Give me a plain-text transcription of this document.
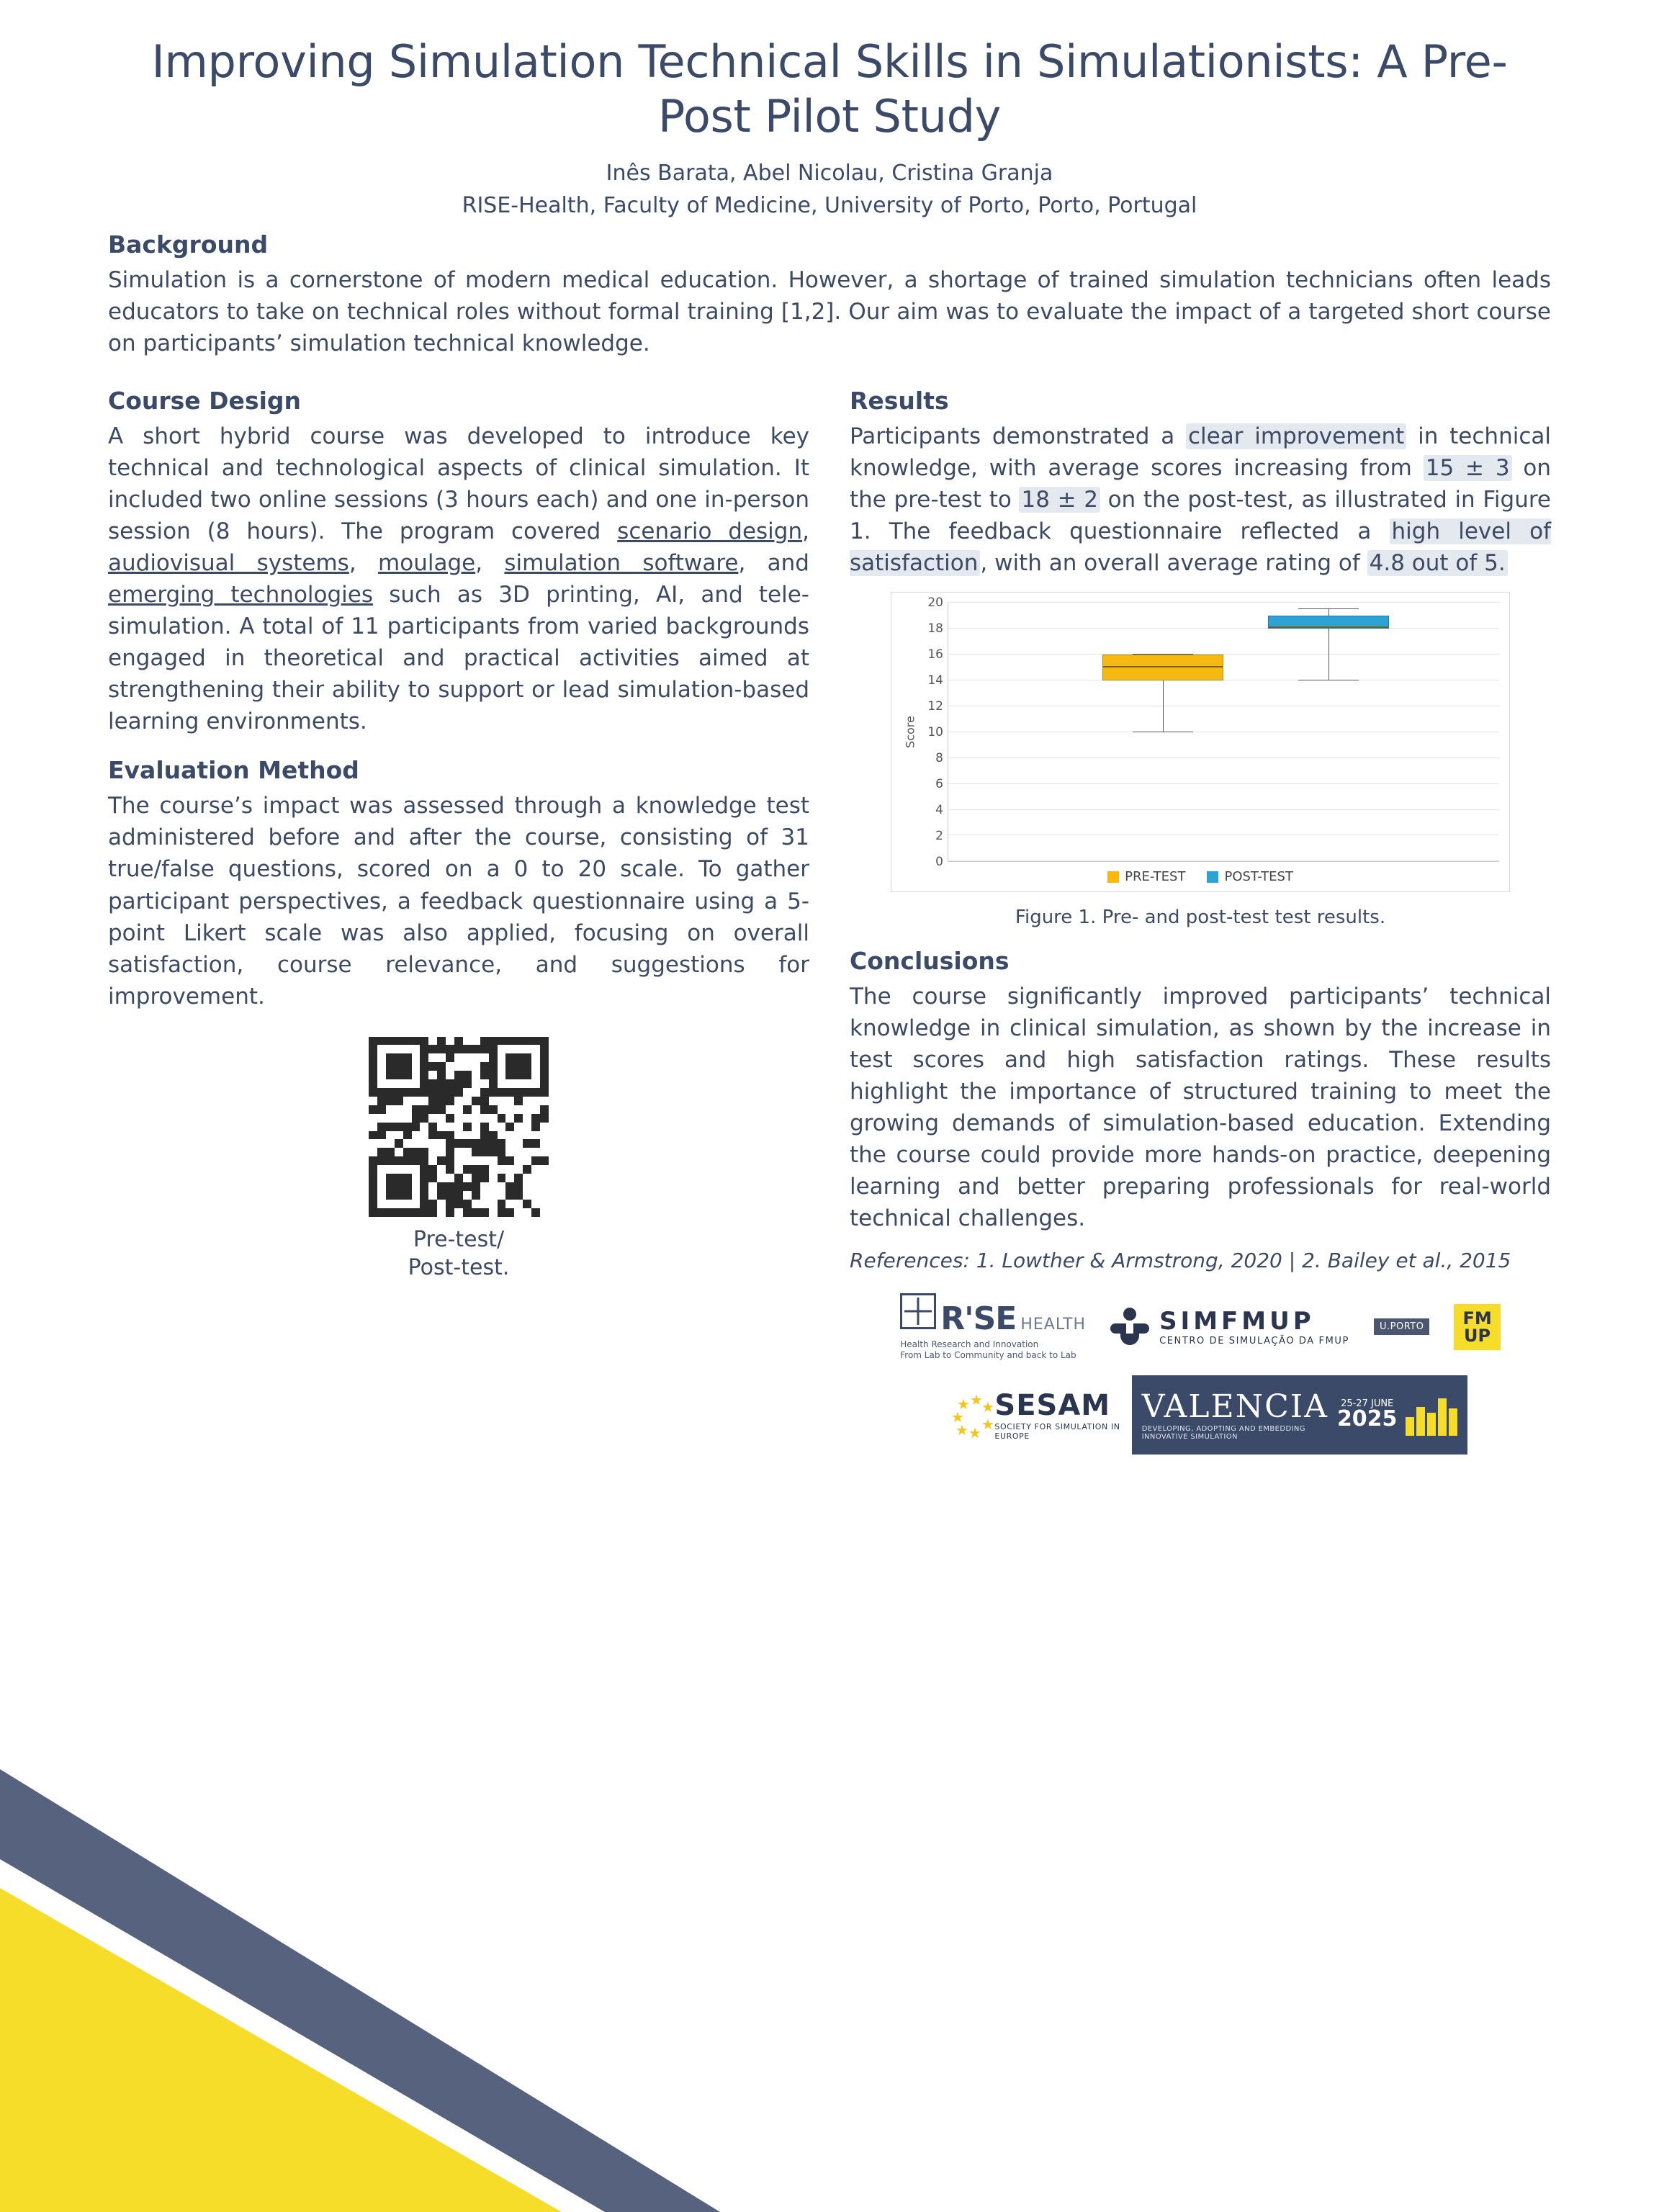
Improving Simulation Technical Skills in Simulationists: A Pre-Post Pilot Study
Inês Barata, Abel Nicolau, Cristina Granja
RISE-Health, Faculty of Medicine, University of Porto, Porto, Portugal
Background

Simulation is a cornerstone of modern medical education. However, a shortage of trained simulation technicians often leads educators to take on technical roles without formal training [1,2]. Our aim was to evaluate the impact of a targeted short course on participants’ simulation technical knowledge.

Course Design

A short hybrid course was developed to introduce key technical and technological aspects of clinical simulation. It included two online sessions (3 hours each) and one in-person session (8 hours). The program covered scenario design, audiovisual systems, moulage, simulation software, and emerging technologies such as 3D printing, AI, and tele-simulation. A total of 11 participants from varied backgrounds engaged in theoretical and practical activities aimed at strengthening their ability to support or lead simulation-based learning environments.

Evaluation Method

The course’s impact was assessed through a knowledge test administered before and after the course, consisting of 31 true/false questions, scored on a 0 to 20 scale. To gather participant perspectives, a feedback questionnaire using a 5-point Likert scale was also applied, focusing on overall satisfaction, course relevance, and suggestions for improvement.

Pre-test/
Post-test.
Results

Participants demonstrated a clear improvement in technical knowledge, with average scores increasing from 15 ± 3 on the pre-test to 18 ± 2 on the post-test, as illustrated in Figure 1. The feedback questionnaire reflected a high level of satisfaction, with an overall average rating of 4.8 out of 5.

Score
0
2
4
6
8
10
12
14
16
18
20
PRE-TEST	POST-TEST
Figure 1. Pre- and post-test test results.
Conclusions

The course significantly improved participants’ technical knowledge in clinical simulation, as shown by the increase in test scores and high satisfaction ratings. These results highlight the importance of structured training to meet the growing demands of simulation-based education. Extending the course could provide more hands-on practice, deepening learning and better preparing professionals for real-world technical challenges.

References: 1. Lowther & Armstrong, 2020 | 2. Bailey et al., 2015
R'SE HEALTH
Health Research and Innovation
From Lab to Community and back to Lab
SIMFMUP
CENTRO DE SIMULAÇÃO DA FMUP
U.PORTO	FM
UP
★
★ ★
★
★
★
★
SESAM
SOCIETY FOR SIMULATION IN EUROPE
VALENCIA
DEVELOPING, ADOPTING AND EMBEDDING INNOVATIVE SIMULATION
25-27 JUNE
2025
